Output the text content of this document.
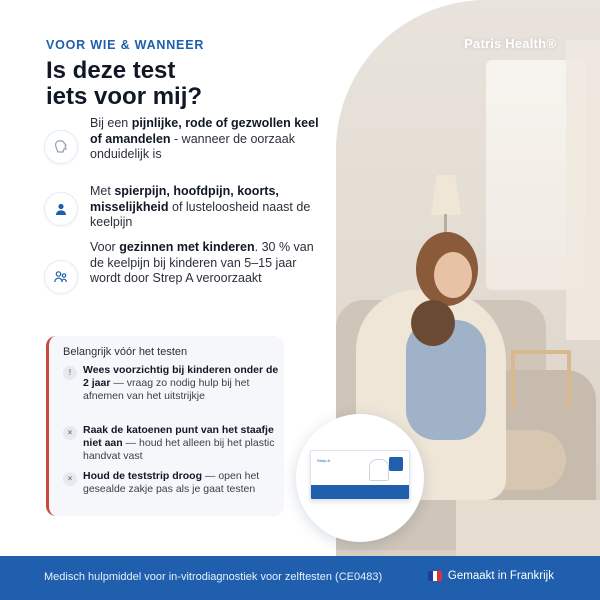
Patris Health®
Strep A
VOOR WIE & WANNEER
Is deze test
iets voor mij?
Bij een pijnlijke, rode of gezwollen keel of amandelen - wanneer de oorzaak onduidelijk is
Met spierpijn, hoofdpijn, koorts, misselijkheid of lusteloosheid naast de keelpijn
Voor gezinnen met kinderen. 30 % van de keelpijn bij kinderen van 5–15 jaar wordt door Strep A veroorzaakt
Belangrijk vóór het testen
!	Wees voorzichtig bij kinderen onder de 2 jaar — vraag zo nodig hulp bij het afnemen van het uitstrijkje
×	Raak de katoenen punt van het staafje niet aan — houd het alleen bij het plastic handvat vast
×	Houd de teststrip droog — open het gesealde zakje pas als je gaat testen
Medisch hulpmiddel voor in-vitrodiagnostiek voor zelftesten (CE0483)	Gemaakt in Frankrijk
